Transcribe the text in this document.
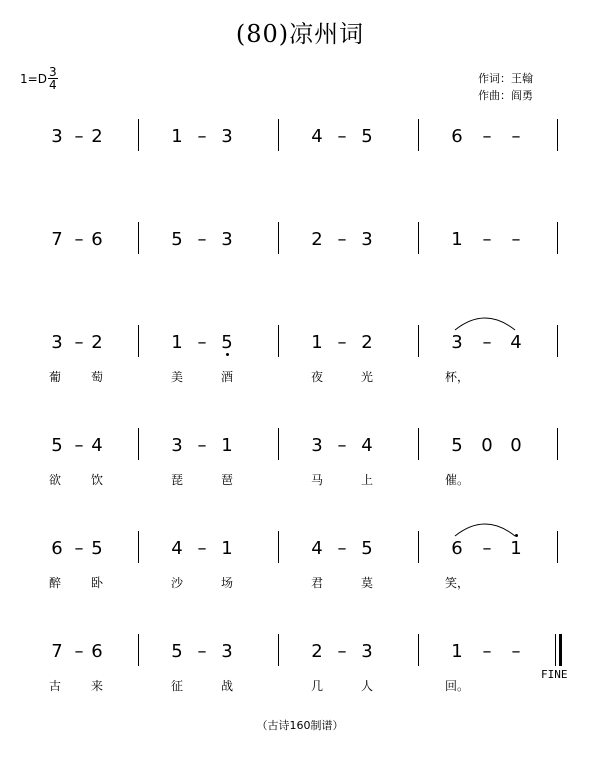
(80)凉州词
$1=D \frac{3}{4}$	作词：王翰
作曲：阎勇
3 – 2	1 – 3	4 – 5	6	–	–
7 – 6	5 – 3	2 – 3	1	–	–
3 – 2	1 – 5	1 – 2	3	–	4
葡	萄	美	酒	夜	光	杯，
5 – 4	3 – 1	3 – 4	5 0 0
欲	饮	琵	琶	马	上	催。
6 – 5	4 – 1	4 – 5	6	–	1
醉	卧	沙	场	君	莫	笑，
7 – 6	5 – 3	2 – 3	1	–	–
古	来	征	战	几	人	回。
FINE
（古诗160制谱）
